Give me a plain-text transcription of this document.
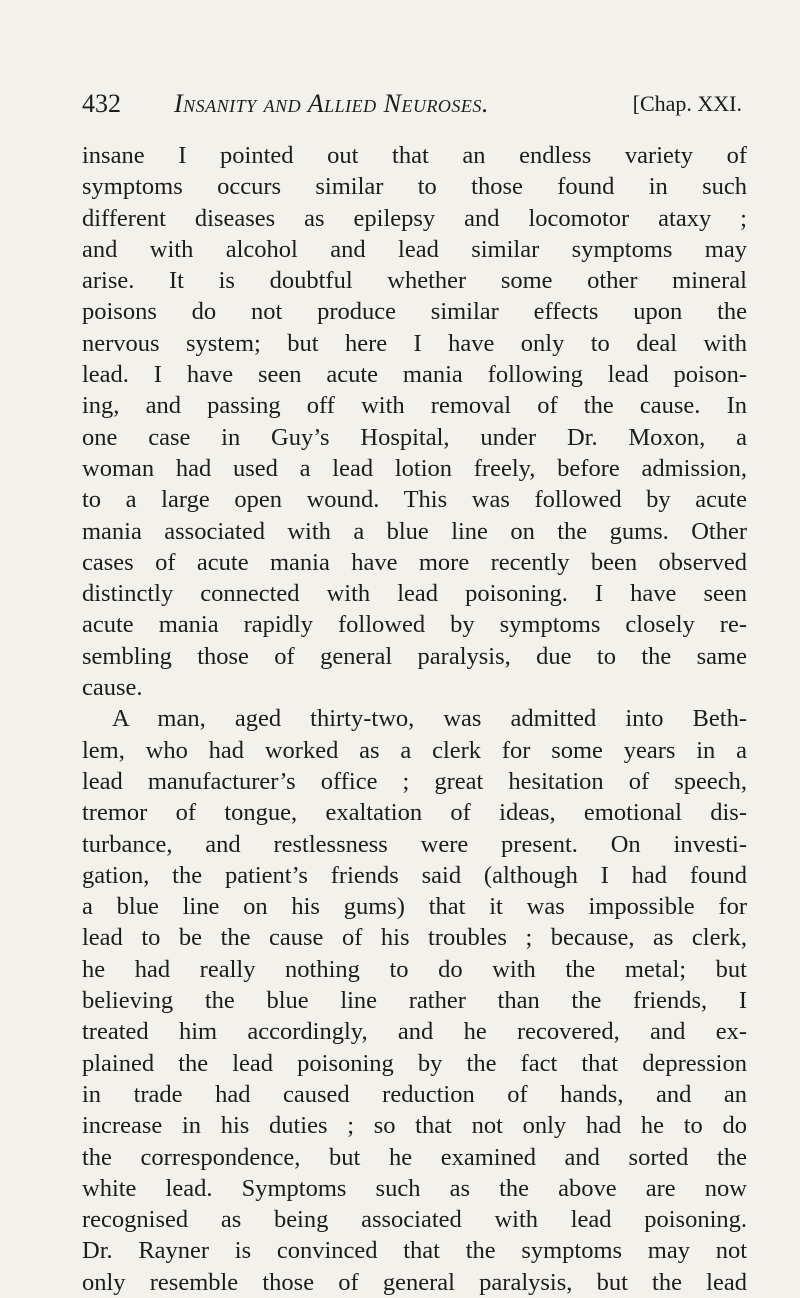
432 Insanity and Allied Neuroses.	[Chap. XXI.
insane I pointed out that an endless variety of
symptoms occurs similar to those found in such
different diseases as epilepsy and locomotor ataxy ;
and with alcohol and lead similar symptoms may
arise. It is doubtful whether some other mineral
poisons do not produce similar effects upon the
nervous system; but here I have only to deal with
lead. I have seen acute mania following lead poison-
ing, and passing off with removal of the cause. In
one case in Guy’s Hospital, under Dr. Moxon, a
woman had used a lead lotion freely, before admission,
to a large open wound. This was followed by acute
mania associated with a blue line on the gums. Other
cases of acute mania have more recently been observed
distinctly connected with lead poisoning. I have seen
acute mania rapidly followed by symptoms closely re-
sembling those of general paralysis, due to the same
cause.
A man, aged thirty-two, was admitted into Beth-
lem, who had worked as a clerk for some years in a
lead manufacturer’s office ; great hesitation of speech,
tremor of tongue, exaltation of ideas, emotional dis-
turbance, and restlessness were present. On investi-
gation, the patient’s friends said (although I had found
a blue line on his gums) that it was impossible for
lead to be the cause of his troubles ; because, as clerk,
he had really nothing to do with the metal; but
believing the blue line rather than the friends, I
treated him accordingly, and he recovered, and ex-
plained the lead poisoning by the fact that depression
in trade had caused reduction of hands, and an
increase in his duties ; so that not only had he to do
the correspondence, but he examined and sorted the
white lead. Symptoms such as the above are now
recognised as being associated with lead poisoning.
Dr. Rayner is convinced that the symptoms may not
only resemble those of general paralysis, but the lead
